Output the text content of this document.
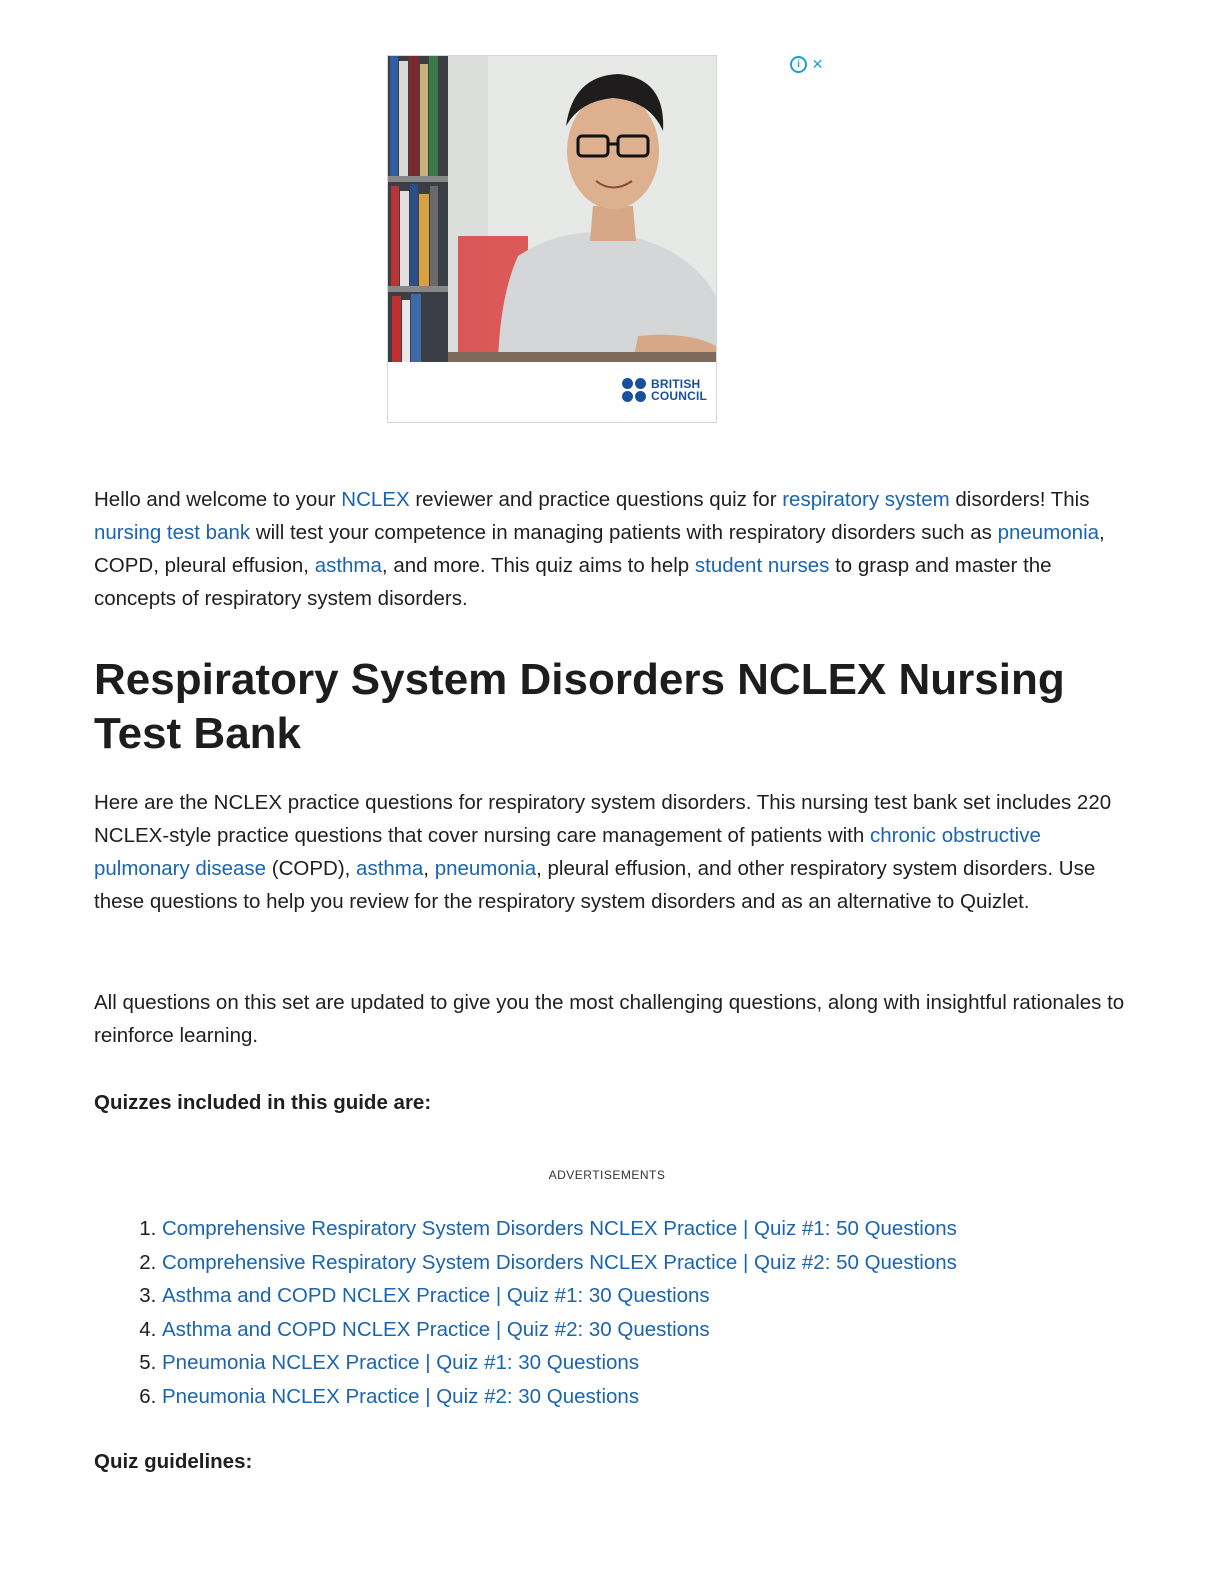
BRITISH
COUNCIL
i ✕

Hello and welcome to your NCLEX reviewer and practice questions quiz for respiratory system disorders! This nursing test bank will test your competence in managing patients with respiratory disorders such as pneumonia, COPD, pleural effusion, asthma, and more. This quiz aims to help student nurses to grasp and master the concepts of respiratory system disorders.

Respiratory System Disorders NCLEX Nursing Test Bank

Here are the NCLEX practice questions for respiratory system disorders. This nursing test bank set includes 220 NCLEX-style practice questions that cover nursing care management of patients with chronic obstructive pulmonary disease (COPD), asthma, pneumonia, pleural effusion, and other respiratory system disorders. Use these questions to help you review for the respiratory system disorders and as an alternative to Quizlet.

All questions on this set are updated to give you the most challenging questions, along with insightful rationales to reinforce learning.

Quizzes included in this guide are:

ADVERTISEMENTS
1. Comprehensive Respiratory System Disorders NCLEX Practice | Quiz #1: 50 Questions
2. Comprehensive Respiratory System Disorders NCLEX Practice | Quiz #2: 50 Questions
3. Asthma and COPD NCLEX Practice | Quiz #1: 30 Questions
4. Asthma and COPD NCLEX Practice | Quiz #2: 30 Questions
5. Pneumonia NCLEX Practice | Quiz #1: 30 Questions
6. Pneumonia NCLEX Practice | Quiz #2: 30 Questions

Quiz guidelines:
